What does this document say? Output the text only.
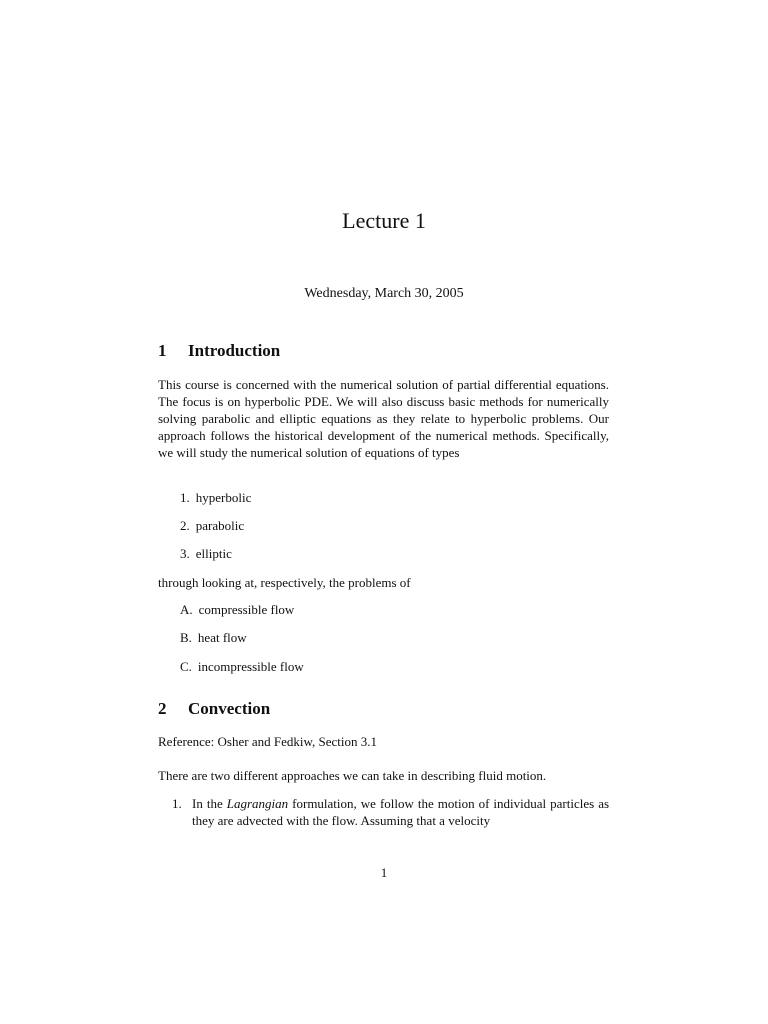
Lecture 1
Wednesday, March 30, 2005
1 Introduction
This course is concerned with the numerical solution of partial differential equations. The focus is on hyperbolic PDE. We will also discuss basic methods for numerically solving parabolic and elliptic equations as they relate to hyperbolic problems. Our approach follows the historical development of the numerical methods. Specifically, we will study the numerical solution of equations of types
1. hyperbolic
2. parabolic
3. elliptic
through looking at, respectively, the problems of
A. compressible flow
B. heat flow
C. incompressible flow
2 Convection
Reference: Osher and Fedkiw, Section 3.1
There are two different approaches we can take in describing fluid motion.
1. In the Lagrangian formulation, we follow the motion of individual particles as they are advected with the flow. Assuming that a velocity
1
